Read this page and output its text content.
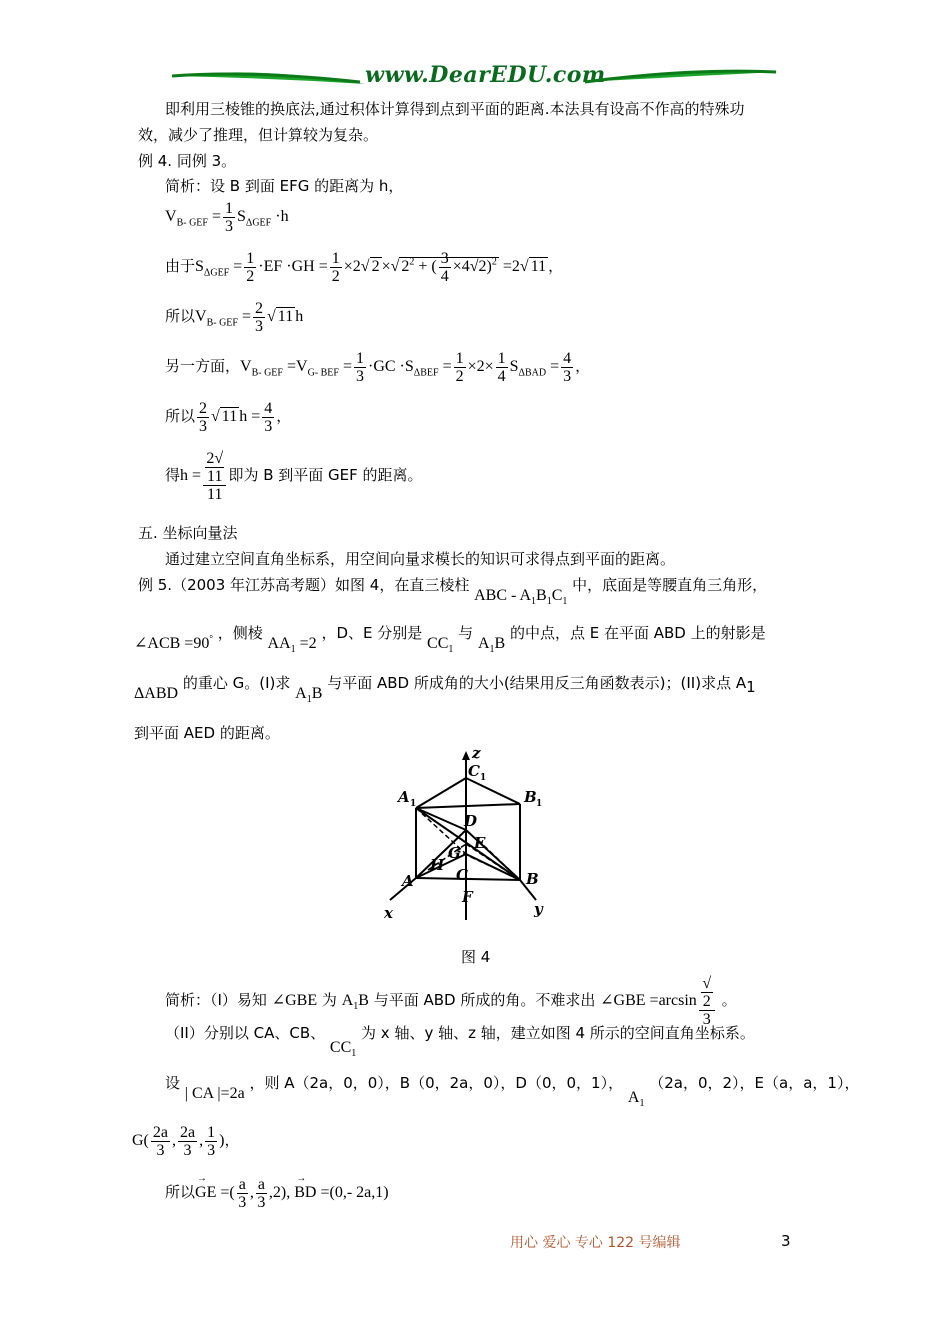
www.DearEDU.com
即利用三棱锥的换底法,通过积体计算得到点到平面的距离.本法具有设高不作高的特殊功
效，减少了推理，但计算较为复杂。
例 4. 同例 3。
简析：设 B 到面 EFG 的距离为 h，
$V_{B- GEF} = \frac{1}{3} S_{\Delta GEF} \cdot h$
由于$S_{\Delta GEF} = \frac{1}{2} \cdot EF \cdot GH = \frac{1}{2} \times 2√$ 2 ×√ $2^2$ + ( $\frac{3}{4} \times 4√2)^2 =2√$ 11 ，
所以$V_{B- GEF} = \frac{2}{3}$ √ 11 h
另一方面，$V_{B- GEF} =V_{G- BEF} = \frac{1}{3} \cdot GC \cdot S_{\Delta BEF} = \frac{1}{2} \times 2\times \frac{1}{4} S_{\Delta BAD} = \frac{4}{3}$ ，
所以 $\frac{2}{3}$ √ 11 $h = \frac{4}{3}$ ，
得h = 2√
11
11 即为 B 到平面 GEF 的距离。
五. 坐标向量法
通过建立空间直角坐标系，用空间向量求模长的知识可求得点到平面的距离。
例 5.（2003 年江苏高考题）如图 4，在直三棱柱 ABC - $A_1B_1C_1$ 中，底面是等腰直角三角形，
∠ACB =90° ，侧棱 $AA_1 =2$ ，D、E 分别是 $CC_1$ 与 $A_1B$ 的中点，点 E 在平面 ABD 上的射影是
ΔABD 的重心 G。(I)求 $A_1B$ 与平面 ABD 所成角的大小(结果用反三角函数表示)；(II)求点 $A_1$
到平面 AED 的距离。
z
C 1
A 1	B 1
D
E
G
H
C
A	B
F
x	y
图 4
简析：（I）易知 ∠GBE 为 $A_1B$ 与平面 ABD 所成的角。不难求出 ∠GBE =arcsin √
2
3 。
（II）分别以 CA、CB、 $CC_1$ 为 x 轴、y 轴、z 轴，建立如图 4 所示的空间直角坐标系。
设 | CA |=2a ，则 A（2a，0，0），B（0，2a，0），D（0，0，1）， $A_1$ （2a，0，2），E（a，a，1），
$G( \frac{2a}{3}$ , $\frac{2a}{3}$ , $\frac{1}{3}$ )，
所以→ GE =( $\frac{a}{3}$ , $\frac{a}{3} ,2$), → BD =(0,- 2a,1)
用心 爱心 专心 122 号编辑	3
